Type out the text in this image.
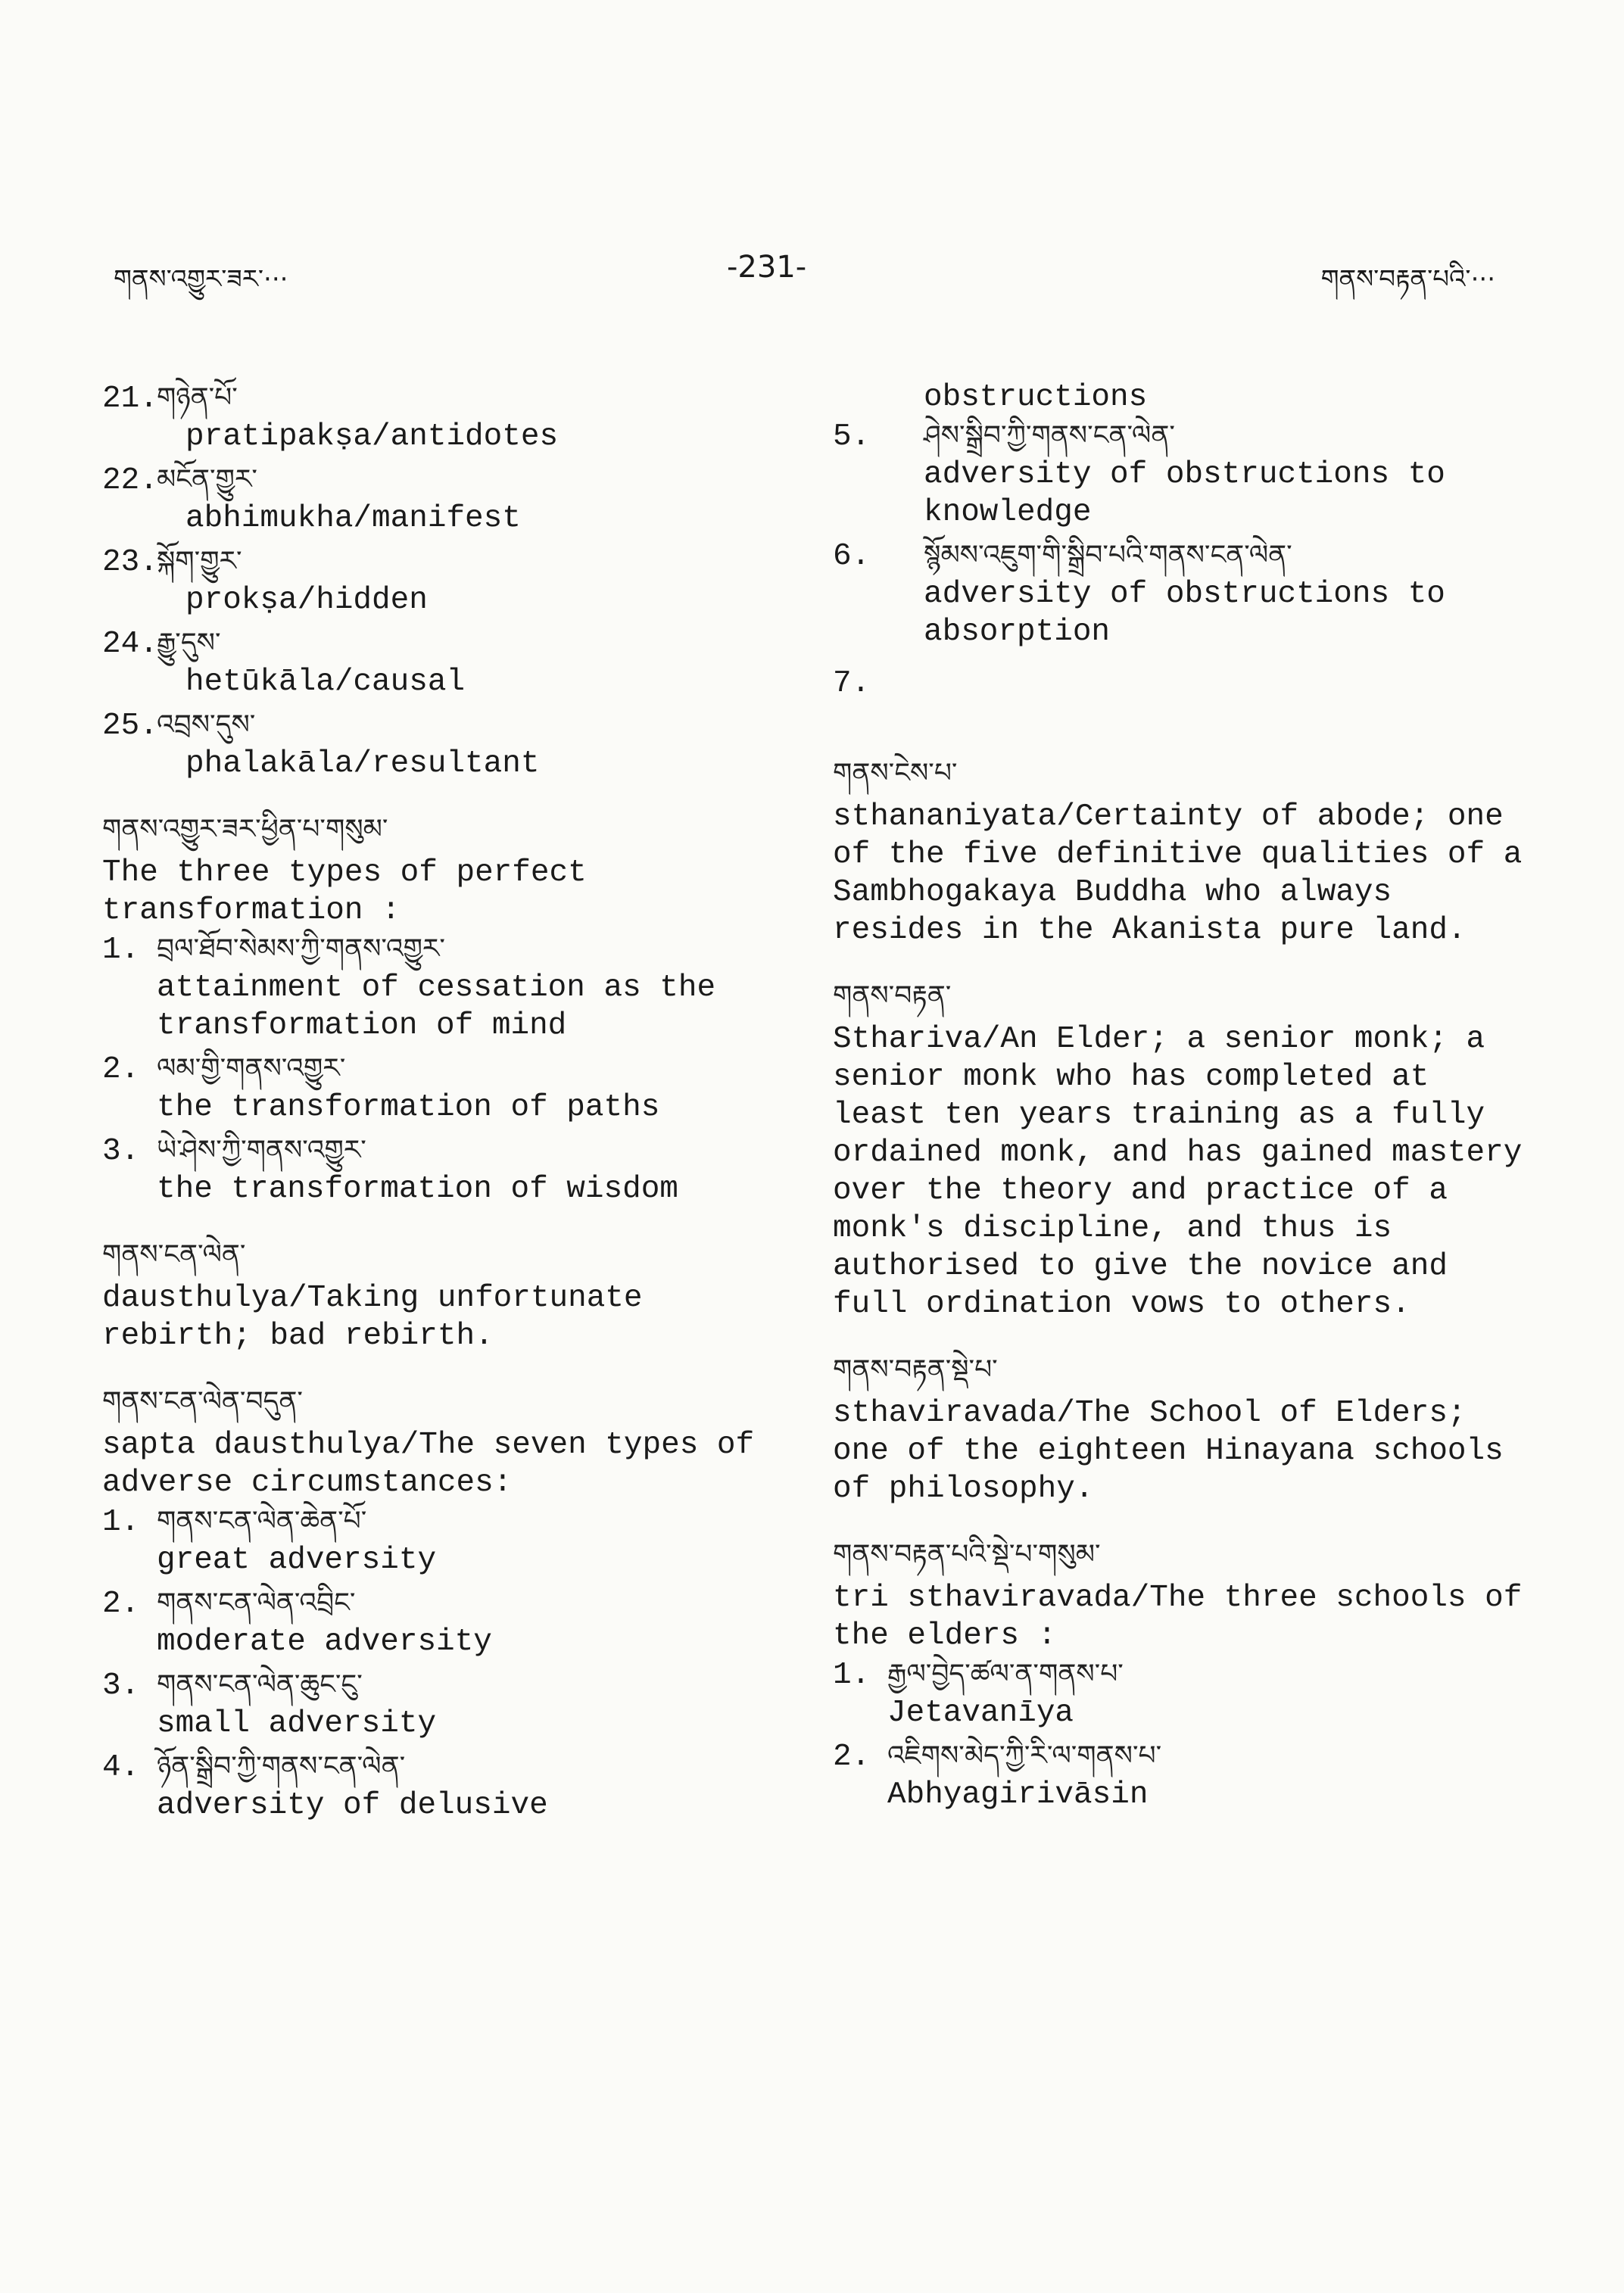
གནས་འགྱུར་ཟར་···	-231-	གནས་བརྟན་པའི་···
21.གཉེན་པོ་
pratipakṣa/antidotes
22.མངོན་གྱུར་
abhimukha/manifest
23.སྐོག་གྱུར་
prokṣa/hidden
24.རྒྱུ་དུས་
hetūkāla/causal
25.འབྲས་དུས་
phalakāla/resultant
གནས་འགྱུར་ཟར་ཕྱིན་པ་གསུམ་
The three types of perfect transformation :
1. བྲལ་ཐོབ་སེམས་ཀྱི་གནས་འགྱུར་
attainment of cessation as the transformation of mind
2. ལམ་གྱི་གནས་འགྱུར་
the transformation of paths
3. ཡེ་ཤེས་ཀྱི་གནས་འགྱུར་
the transformation of wisdom
གནས་ངན་ལེན་
dausthulya/Taking unfortunate rebirth; bad rebirth.
གནས་ངན་ལེན་བདུན་
sapta dausthulya/The seven types of adverse circumstances:
1. གནས་ངན་ལེན་ཆེན་པོ་
great adversity
2. གནས་ངན་ལེན་འབྲིང་
moderate adversity
3. གནས་ངན་ལེན་ཆུང་ངུ་
small adversity
4. ཉོན་སྒྲིབ་ཀྱི་གནས་ངན་ལེན་
adversity of delusive
obstructions
5. ཤེས་སྒྲིབ་ཀྱི་གནས་ངན་ལེན་
adversity of obstructions to knowledge
6. སྙོམས་འཇུག་གི་སྒྲིབ་པའི་གནས་ངན་ལེན་
adversity of obstructions to absorption
7.
གནས་ངེས་པ་
sthananiyata/Certainty of abode; one of the five definitive qualities of a Sambhogakaya Buddha who always resides in the Akanista pure land.
གནས་བརྟན་
Sthariva/An Elder; a senior monk; a senior monk who has completed at least ten years training as a fully ordained monk, and has gained mastery over the theory and practice of a monk's discipline, and thus is authorised to give the novice and full ordination vows to others.
གནས་བརྟན་སྡེ་པ་
sthaviravada/The School of Elders; one of the eighteen Hinayana schools of philosophy.
གནས་བརྟན་པའི་སྡེ་པ་གསུམ་
tri sthaviravada/The three schools of the elders :
1. རྒྱལ་བྱེད་ཚལ་ན་གནས་པ་
Jetavanīya
2. འཇིགས་མེད་ཀྱི་རི་ལ་གནས་པ་
Abhyagirivāsin
